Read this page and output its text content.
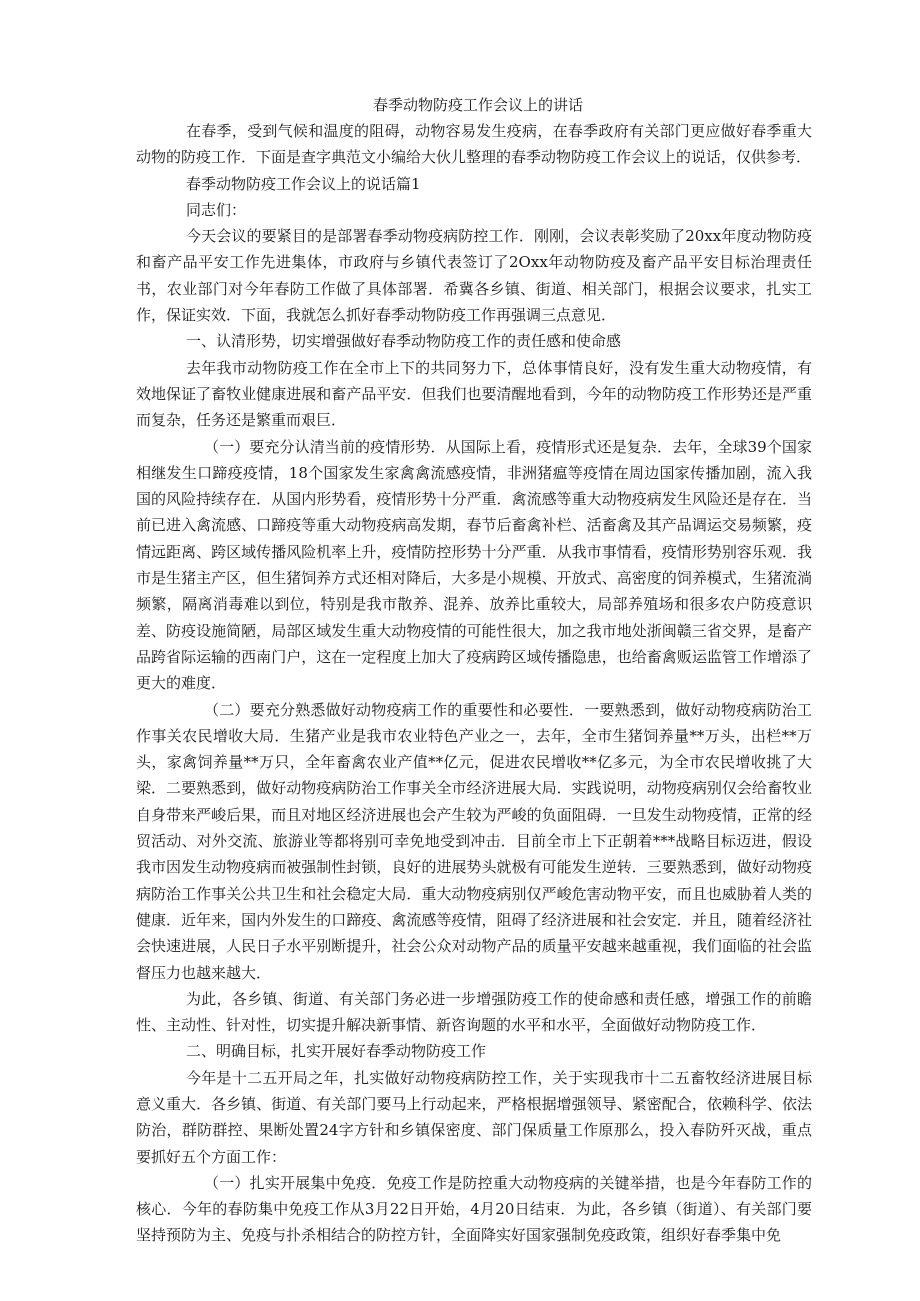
春季动物防疫工作会议上的讲话

在春季，受到气候和温度的阻碍，动物容易发生疫病，在春季政府有关部门更应做好春季重大动物的防疫工作．下面是查字典范文小编给大伙儿整理的春季动物防疫工作会议上的说话，仅供参考．

春季动物防疫工作会议上的说话篇1

同志们：

今天会议的要紧目的是部署春季动物疫病防控工作．刚刚，会议表彰奖励了20xx年度动物防疫和畜产品平安工作先进集体，市政府与乡镇代表签订了2Oxx年动物防疫及畜产品平安目标治理责任书，农业部门对今年春防工作做了具体部署．希冀各乡镇、街道、相关部门，根据会议要求，扎实工作，保证实效．下面，我就怎么抓好春季动物防疫工作再强调三点意见．

一、认清形势，切实增强做好春季动物防疫工作的责任感和使命感

去年我市动物防疫工作在全市上下的共同努力下，总体事情良好，没有发生重大动物疫情，有效地保证了畜牧业健康进展和畜产品平安．但我们也要清醒地看到，今年的动物防疫工作形势还是严重而复杂，任务还是繁重而艰巨．

（一）要充分认清当前的疫情形势．从国际上看，疫情形式还是复杂．去年，全球39个国家相继发生口蹄疫疫情，18个国家发生家禽禽流感疫情，非洲猪瘟等疫情在周边国家传播加剧，流入我国的风险持续存在．从国内形势看，疫情形势十分严重．禽流感等重大动物疫病发生风险还是存在．当前已进入禽流感、口蹄疫等重大动物疫病高发期，春节后畜禽补栏、活畜禽及其产品调运交易频繁，疫情远距离、跨区域传播风险机率上升，疫情防控形势十分严重．从我市事情看，疫情形势别容乐观．我市是生猪主产区，但生猪饲养方式还相对降后，大多是小规模、开放式、高密度的饲养模式，生猪流淌频繁，隔离消毒难以到位，特别是我市散养、混养、放养比重较大，局部养殖场和很多农户防疫意识差、防疫设施简陋，局部区域发生重大动物疫情的可能性很大，加之我市地处浙闽赣三省交界，是畜产品跨省际运输的西南门户，这在一定程度上加大了疫病跨区域传播隐患，也给畜禽贩运监管工作增添了更大的难度．

（二）要充分熟悉做好动物疫病工作的重要性和必要性．一要熟悉到，做好动物疫病防治工作事关农民增收大局．生猪产业是我市农业特色产业之一，去年，全市生猪饲养量**万头，出栏**万头，家禽饲养量**万只，全年畜禽农业产值**亿元，促进农民增收**亿多元，为全市农民增收挑了大梁．二要熟悉到，做好动物疫病防治工作事关全市经济进展大局．实践说明，动物疫病别仅会给畜牧业自身带来严峻后果，而且对地区经济进展也会产生较为严峻的负面阻碍．一旦发生动物疫情，正常的经贸活动、对外交流、旅游业等都将别可幸免地受到冲击．目前全市上下正朝着***战略目标迈进，假设我市因发生动物疫病而被强制性封锁，良好的进展势头就极有可能发生逆转．三要熟悉到，做好动物疫病防治工作事关公共卫生和社会稳定大局．重大动物疫病别仅严峻危害动物平安，而且也威胁着人类的健康．近年来，国内外发生的口蹄疫、禽流感等疫情，阻碍了经济进展和社会安定．并且，随着经济社会快速进展，人民日子水平别断提升，社会公众对动物产品的质量平安越来越重视，我们面临的社会监督压力也越来越大．

为此，各乡镇、街道、有关部门务必进一步增强防疫工作的使命感和责任感，增强工作的前瞻性、主动性、针对性，切实提升解决新事情、新咨询题的水平和水平，全面做好动物防疫工作．

二、明确目标，扎实开展好春季动物防疫工作

今年是十二五开局之年，扎实做好动物疫病防控工作，关于实现我市十二五畜牧经济进展目标意义重大．各乡镇、街道、有关部门要马上行动起来，严格根据增强领导、紧密配合，依赖科学、依法防治，群防群控、果断处置24字方针和乡镇保密度、部门保质量工作原那么，投入春防歼灭战，重点要抓好五个方面工作：

（一）扎实开展集中免疫．免疫工作是防控重大动物疫病的关键举措，也是今年春防工作的核心．今年的春防集中免疫工作从3月22日开始，4月20日结束．为此，各乡镇（街道）、有关部门要坚持预防为主、免疫与扑杀相结合的防控方针，全面降实好国家强制免疫政策，组织好春季集中免
